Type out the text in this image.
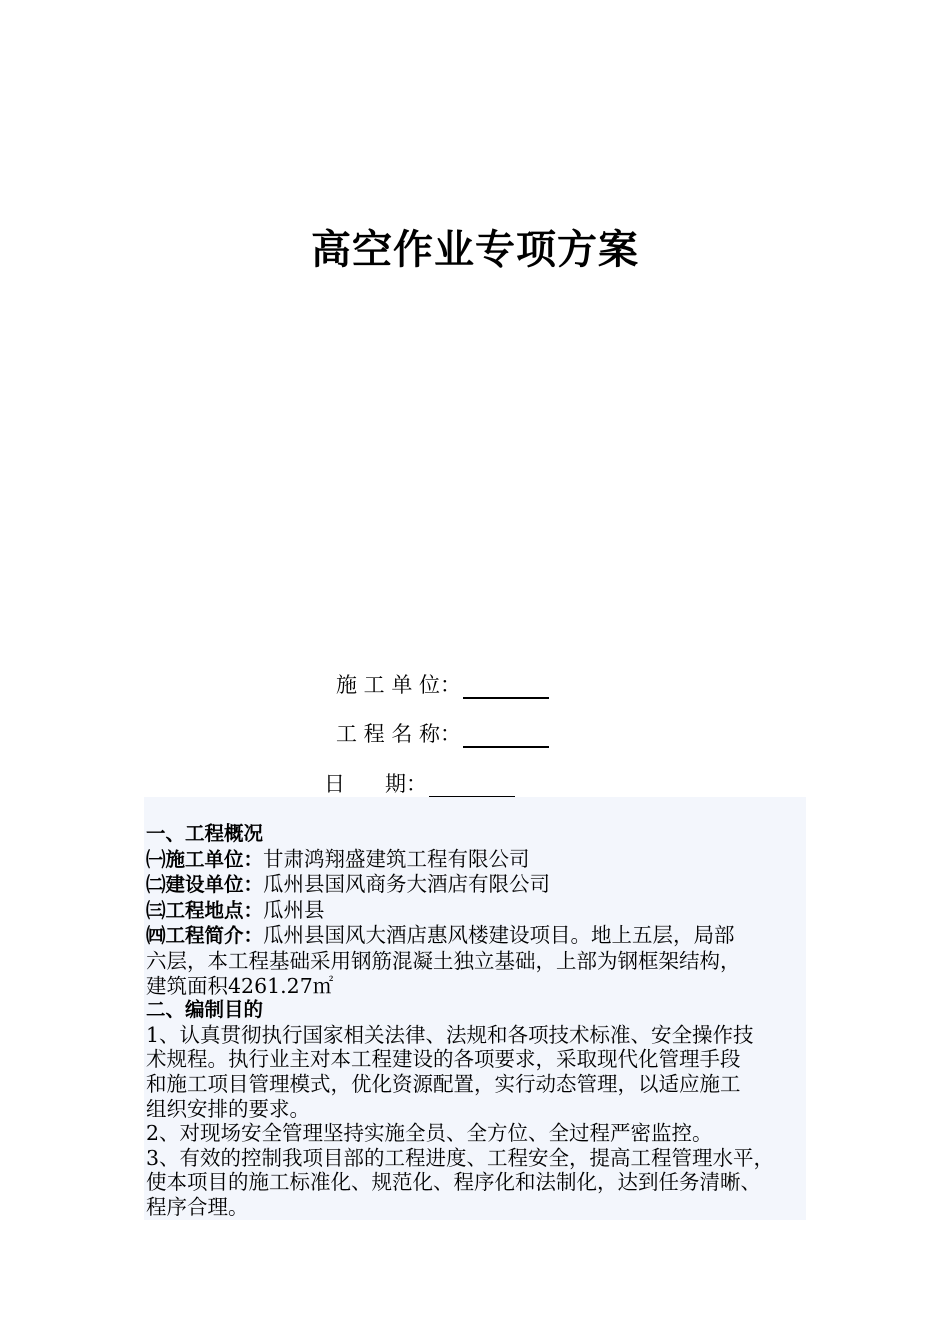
高空作业专项方案
施 工 单 位：
工 程 名 称：
日      期：
一、工程概况
㈠施工单位：甘肃鸿翔盛建筑工程有限公司
㈡建设单位：瓜州县国风商务大酒店有限公司
㈢工程地点：瓜州县
㈣工程简介：瓜州县国风大酒店惠风楼建设项目。地上五层，局部
六层，本工程基础采用钢筋混凝土独立基础，上部为钢框架结构，
建筑面积4261.27㎡
二、编制目的
1、认真贯彻执行国家相关法律、法规和各项技术标准、安全操作技
术规程。执行业主对本工程建设的各项要求，采取现代化管理手段
和施工项目管理模式，优化资源配置，实行动态管理，以适应施工
组织安排的要求。
2、对现场安全管理坚持实施全员、全方位、全过程严密监控。
3、有效的控制我项目部的工程进度、工程安全，提高工程管理水平，
使本项目的施工标准化、规范化、程序化和法制化，达到任务清晰、
程序合理。
